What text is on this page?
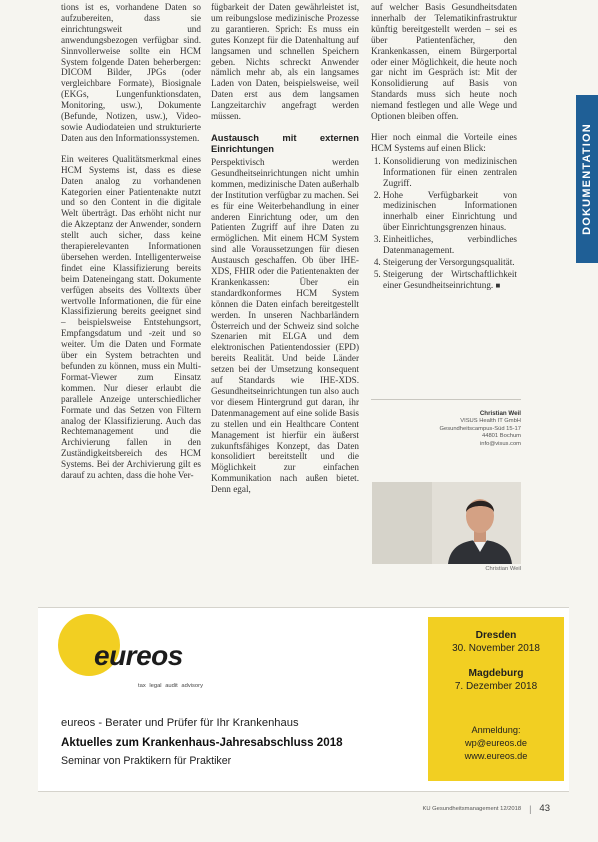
tions ist es, vorhandene Daten so aufzubereiten, dass sie einrichtungsweit und anwendungsbezogen verfügbar sind. Sinnvollerweise sollte ein HCM System folgende Daten beherbergen: DICOM Bilder, JPGs (oder vergleichbare Formate), Biosignale (EKGs, Lungenfunktionsdaten, Monitoring, usw.), Dokumente (Befunde, Notizen, usw.), Video- sowie Audiodateien und strukturierte Daten aus den Informationssystemen.

Ein weiteres Qualitätsmerkmal eines HCM Systems ist, dass es diese Daten analog zu vorhandenen Kategorien einer Patientenakte nutzt und so den Content in die digitale Welt überträgt. Das erhöht nicht nur die Akzeptanz der Anwender, sondern stellt auch sicher, dass keine therapierelevanten Informationen übersehen werden. Intelligenterweise findet eine Klassifizierung bereits beim Dateneingang statt. Dokumente verfügen abseits des Volltexts über wertvolle Informationen, die für eine Klassifizierung bereits geeignet sind – beispielsweise Entstehungsort, Empfangsdatum und -zeit und so weiter. Um die Daten und Formate über ein System betrachten und befunden zu können, muss ein Multi-Format-Viewer zum Einsatz kommen. Nur dieser erlaubt die parallele Anzeige unterschiedlicher Formate und das Setzen von Filtern analog der Klassifizierung. Auch das Rechtemanagement und die Archivierung fallen in den Zuständigkeitsbereich des HCM Systems. Bei der Archivierung gilt es darauf zu achten, dass die hohe Ver-

fügbarkeit der Daten gewährleistet ist, um reibungslose medizinische Prozesse zu garantieren. Sprich: Es muss ein gutes Konzept für die Datenhaltung auf langsamen und schnellen Speichern geben. Nichts schreckt Anwender nämlich mehr ab, als ein langsames Laden von Daten, beispielsweise, weil Daten erst aus dem langsamen Langzeitarchiv angefragt werden müssen.

Austausch mit externen Einrichtungen

Perspektivisch werden Gesundheitseinrichtungen nicht umhin kommen, medizinische Daten außerhalb der Institution verfügbar zu machen. Sei es für eine Weiterbehandlung in einer anderen Einrichtung oder, um den Patienten Zugriff auf ihre Daten zu ermöglichen. Mit einem HCM System sind alle Voraussetzungen für diesen Austausch geschaffen. Ob über IHE-XDS, FHIR oder die Patientenakten der Krankenkassen: Über ein standardkonformes HCM System können die Daten einfach bereitgestellt werden. In unseren Nachbarländern Österreich und der Schweiz sind solche Szenarien mit ELGA und dem elektronischen Patientendossier (EPD) bereits Realität. Und beide Länder setzen bei der Umsetzung konsequent auf Standards wie IHE-XDS. Gesundheitseinrichtungen tun also auch vor diesem Hintergrund gut daran, ihr Datenmanagement auf eine solide Basis zu stellen und ein Healthcare Content Management ist hierfür ein äußerst zukunftsfähiges Konzept, das Daten konsolidiert bereitstellt und die Möglichkeit zur einfachen Kommunikation nach außen bietet. Denn egal,

auf welcher Basis Gesundheitsdaten innerhalb der Telematikinfrastruktur künftig bereitgestellt werden – sei es über Patientenfächer, den Krankenkassen, einem Bürgerportal oder einer Möglichkeit, die heute noch gar nicht im Gespräch ist: Mit der Konsolidierung auf Basis von Standards muss sich heute noch niemand festlegen und alle Wege und Optionen bleiben offen.

Hier noch einmal die Vorteile eines HCM Systems auf einen Blick:

1. Konsolidierung von medizinischen Informationen für einen zentralen Zugriff.
2. Hohe Verfügbarkeit von medizinischen Informationen innerhalb einer Einrichtung und über Einrichtungsgrenzen hinaus.
3. Einheitliches, verbindliches Datenmanagement.
4. Steigerung der Versorgungsqualität.
5. Steigerung der Wirtschaftlichkeit einer Gesundheitseinrichtung. ■
DOKUMENTATION
Christian Weil
VISUS Health IT GmbH
Gesundheitscampus-Süd 15-17
44801 Bochum
info@visus.com
Christian Weil
eureos
tax legal audit advisory
eureos - Berater und Prüfer für Ihr Krankenhaus
Aktuelles zum Krankenhaus-Jahresabschluss 2018
Seminar von Praktikern für Praktiker
Dresden
30. November 2018
Magdeburg
7. Dezember 2018
Anmeldung:
wp@eureos.de
www.eureos.de
KU Gesundheitsmanagement 12/2018 | 43
